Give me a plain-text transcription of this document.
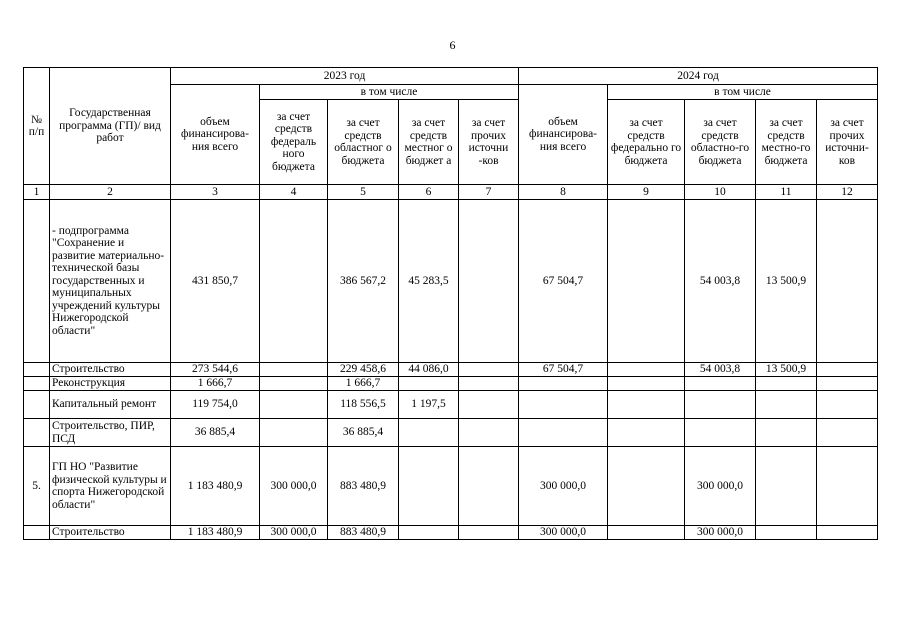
6
№ п/п	Государственная программа (ГП)/ вид работ	2023 год					2024 год				
		объем финансирова-ния всего	в том числе				объем финансирова-ния всего	в том числе			
			за счет средств федераль ного бюджета	за счет средств областног о бюджета	за счет средств местног о бюджет а	за счет прочих источни -ков		за счет средств федерально го бюджета	за счет средств областно-го бюджета	за счет средств местно-го бюджета	за счет прочих источни-ков
1	2	3	4	5	6	7	8	9	10	11	12
	- подпрограмма "Сохранение и развитие материально-технической базы государственных и муниципальных учреждений культуры Нижегородской области"	431 850,7		386 567,2	45 283,5		67 504,7		54 003,8	13 500,9	
	Строительство	273 544,6		229 458,6	44 086,0		67 504,7		54 003,8	13 500,9	
	Реконструкция	1 666,7		1 666,7							
	Капитальный ремонт	119 754,0		118 556,5	1 197,5						
	Строительство, ПИР, ПСД	36 885,4		36 885,4							
5.	ГП НО "Развитие физической культуры и спорта Нижегородской области"	1 183 480,9	300 000,0	883 480,9			300 000,0		300 000,0		
	Строительство	1 183 480,9	300 000,0	883 480,9			300 000,0		300 000,0		
